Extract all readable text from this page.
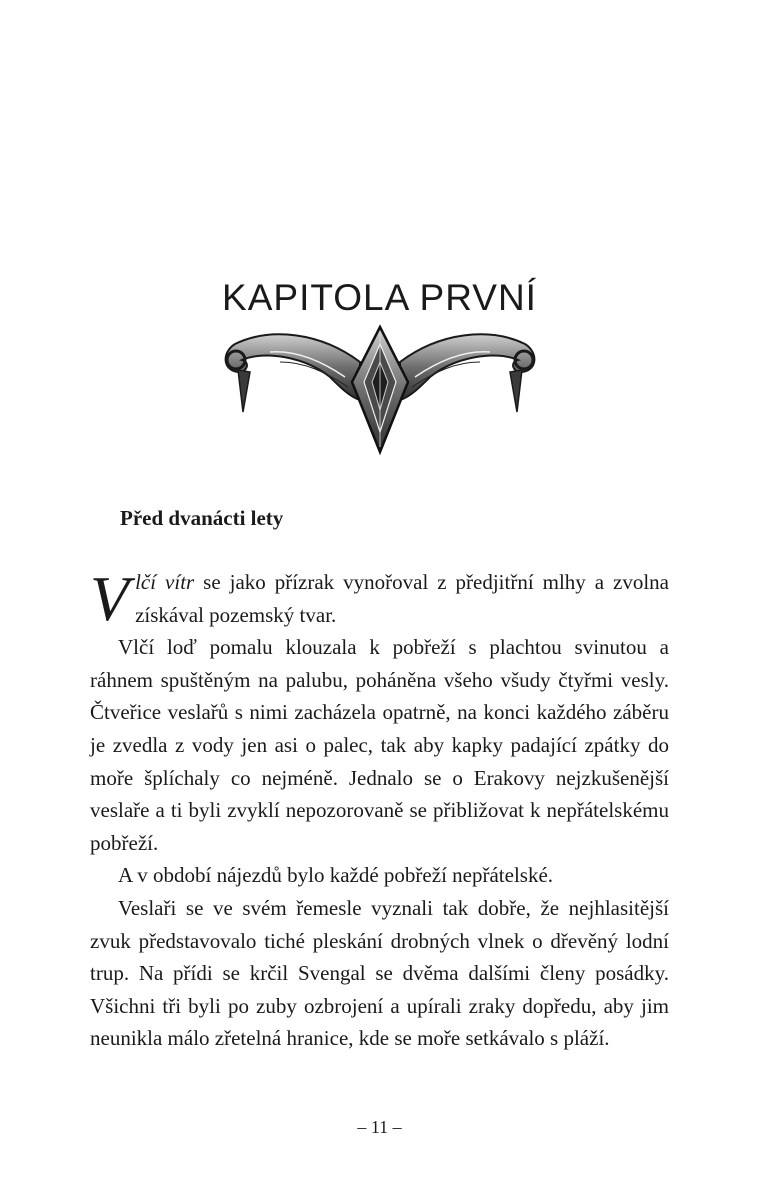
KAPITOLA PRVNÍ
Před dvanácti lety

Vlčí vítr se jako přízrak vynořoval z předjitřní mlhy a zvolna získával pozemský tvar.

Vlčí loď pomalu klouzala k pobřeží s plachtou svinutou a ráhnem spuštěným na palubu, poháněna všeho všudy čtyřmi vesly. Čtveřice veslařů s nimi zacházela opatrně, na konci každého záběru je zvedla z vody jen asi o palec, tak aby kapky padající zpátky do moře šplíchaly co nejméně. Jednalo se o Erakovy nejzkušenější veslaře a ti byli zvyklí nepozorovaně se přibližovat k nepřátelskému pobřeží.

A v období nájezdů bylo každé pobřeží nepřátelské.

Veslaři se ve svém řemesle vyznali tak dobře, že nejhlasitější zvuk představovalo tiché pleskání drobných vlnek o dřevěný lodní trup. Na přídi se krčil Svengal se dvěma dalšími členy posádky. Všichni tři byli po zuby ozbrojení a upírali zraky dopředu, aby jim neunikla málo zřetelná hranice, kde se moře setkávalo s pláží.

– 11 –
